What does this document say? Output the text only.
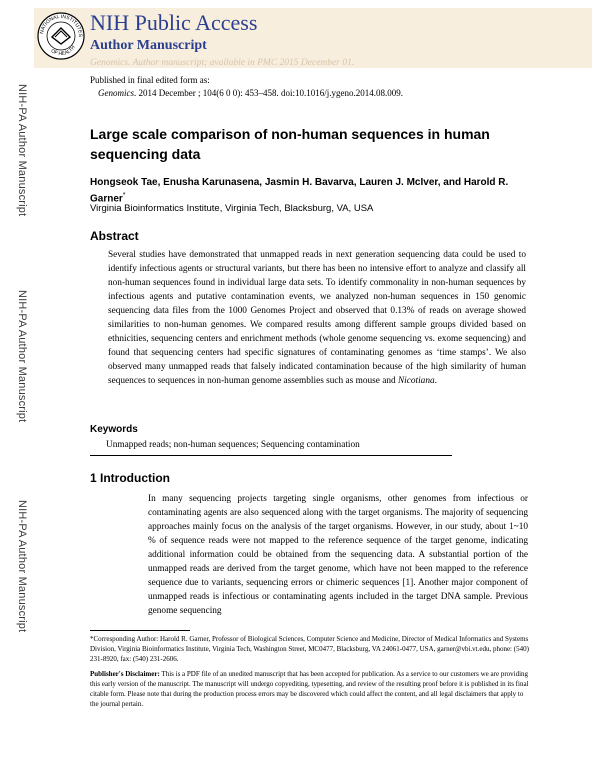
NATIONAL INSTITUTES
OF HEALTH
NIH Public Access
Author Manuscript
Genomics. Author manuscript; available in PMC 2015 December 01.
NIH-PA Author Manuscript
NIH-PA Author Manuscript
NIH-PA Author Manuscript
Published in final edited form as:
Genomics. 2014 December ; 104(6 0 0): 453–458. doi:10.1016/j.ygeno.2014.08.009.
Large scale comparison of non-human sequences in human sequencing data
Hongseok Tae, Enusha Karunasena, Jasmin H. Bavarva, Lauren J. McIver, and Harold R. Garner*
Virginia Bioinformatics Institute, Virginia Tech, Blacksburg, VA, USA
Abstract
Several studies have demonstrated that unmapped reads in next generation sequencing data could be used to identify infectious agents or structural variants, but there has been no intensive effort to analyze and classify all non-human sequences found in individual large data sets. To identify commonality in non-human sequences by infectious agents and putative contamination events, we analyzed non-human sequences in 150 genomic sequencing data files from the 1000 Genomes Project and observed that 0.13% of reads on average showed similarities to non-human genomes. We compared results among different sample groups divided based on ethnicities, sequencing centers and enrichment methods (whole genome sequencing vs. exome sequencing) and found that sequencing centers had specific signatures of contaminating genomes as ‘time stamps’. We also observed many unmapped reads that falsely indicated contamination because of the high similarity of human sequences to sequences in non-human genome assemblies such as mouse and Nicotiana.
Keywords
Unmapped reads; non-human sequences; Sequencing contamination
1 Introduction
In many sequencing projects targeting single organisms, other genomes from infectious or contaminating agents are also sequenced along with the target organisms. The majority of sequencing approaches mainly focus on the analysis of the target organisms. However, in our study, about 1~10 % of sequence reads were not mapped to the reference sequence of the target genome, indicating additional information could be obtained from the sequencing data. A substantial portion of the unmapped reads are derived from the target genome, which have not been mapped to the reference sequence due to variants, sequencing errors or chimeric sequences [1]. Another major component of unmapped reads is infectious or contaminating agents included in the target DNA sample. Previous genome sequencing
*Corresponding Author: Harold R. Garner, Professor of Biological Sciences, Computer Science and Medicine, Director of Medical Informatics and Systems Division, Virginia Bioinformatics Institute, Virginia Tech, Washington Street, MC0477, Blacksburg, VA 24061-0477, USA, garner@vbi.vt.edu, phone: (540) 231-8920, fax: (540) 231-2606.
Publisher's Disclaimer: This is a PDF file of an unedited manuscript that has been accepted for publication. As a service to our customers we are providing this early version of the manuscript. The manuscript will undergo copyediting, typesetting, and review of the resulting proof before it is published in its final citable form. Please note that during the production process errors may be discovered which could affect the content, and all legal disclaimers that apply to the journal pertain.
